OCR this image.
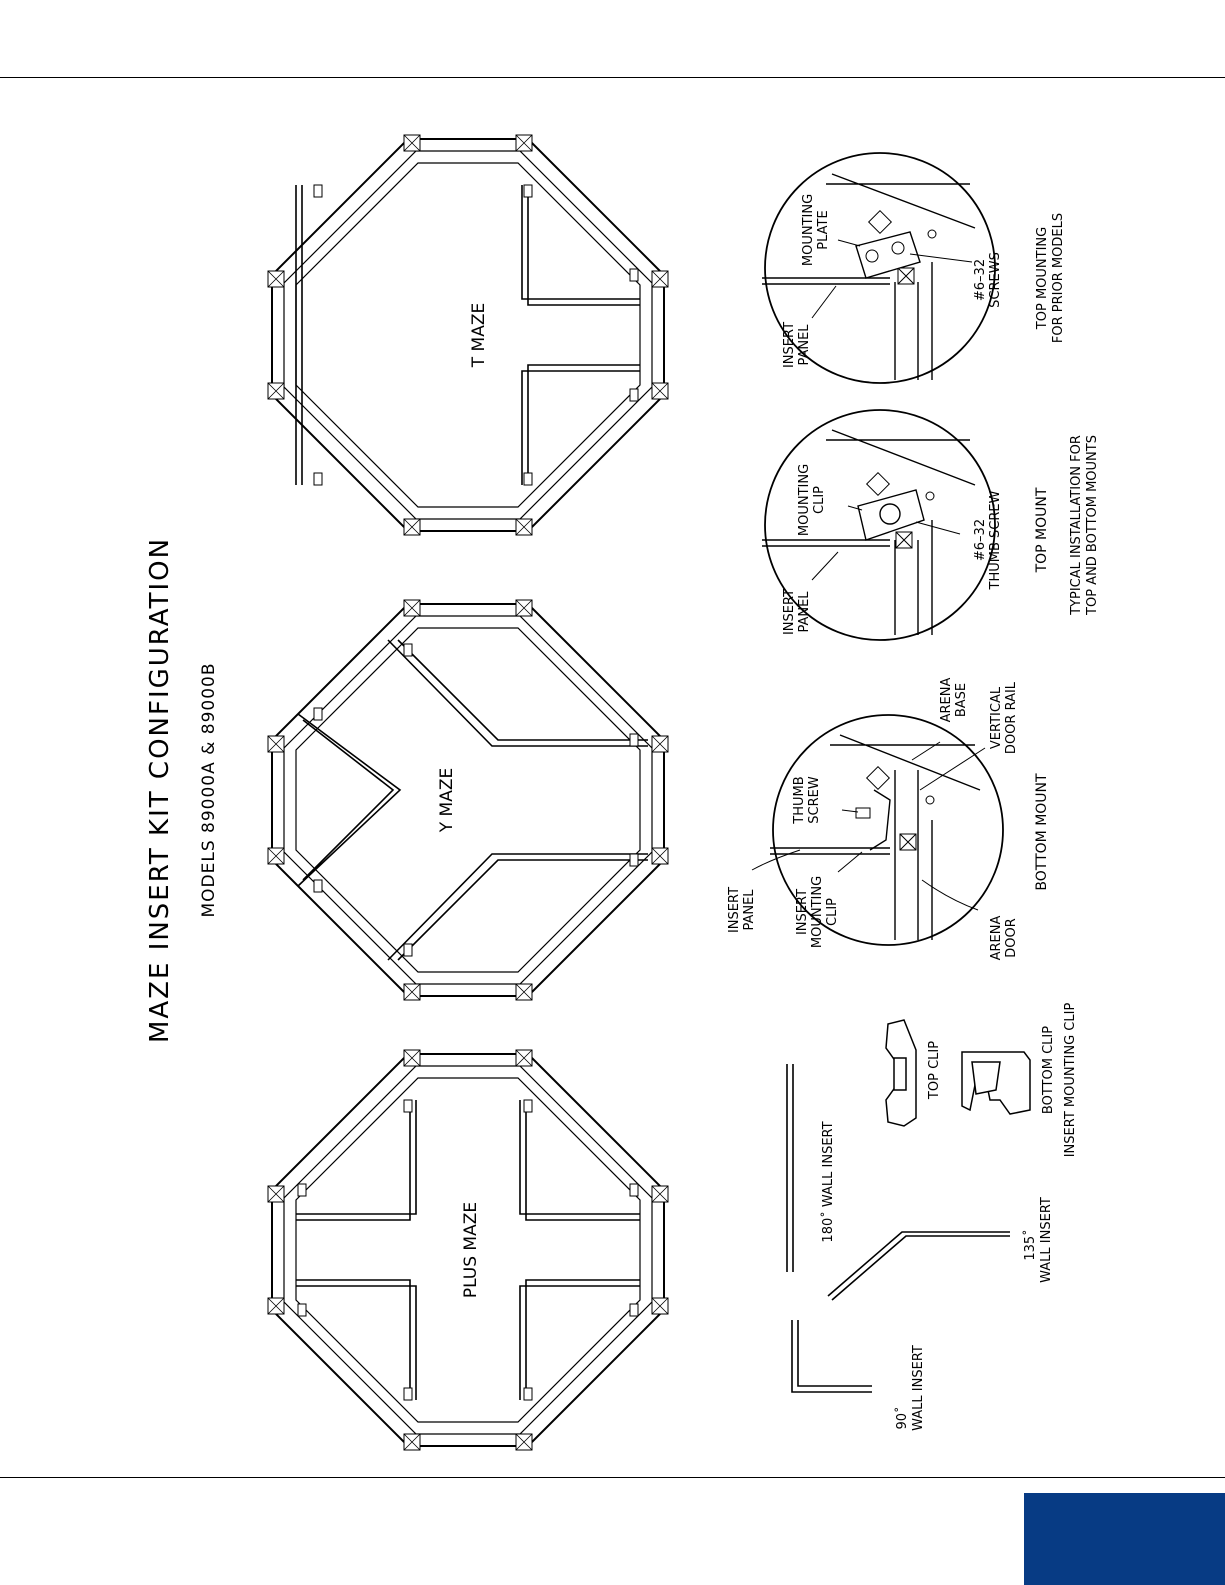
MAZE INSERT KIT CONFIGURATION MODELS 89000A & 89000B
T MAZE
Y MAZE
PLUS MAZE
90˚ WALL INSERT
135˚ WALL INSERT
180˚ WALL INSERT
TOP CLIP	BOTTOM CLIP INSERT MOUNTING CLIP
INSERT PANEL	INSERT MOUNTING CLIP
THUMB SCREW
ARENA BASE VERTICAL DOOR RAIL
ARENA DOOR
BOTTOM MOUNT
INSERT PANEL
MOUNTING CLIP
#6–32 THUMB SCREW TOP MOUNT TYPICAL INSTALLATION FOR TOP AND BOTTOM MOUNTS
INSERT PANEL
MOUNTING PLATE
#6–32 SCREWS TOP MOUNTING FOR PRIOR MODELS
